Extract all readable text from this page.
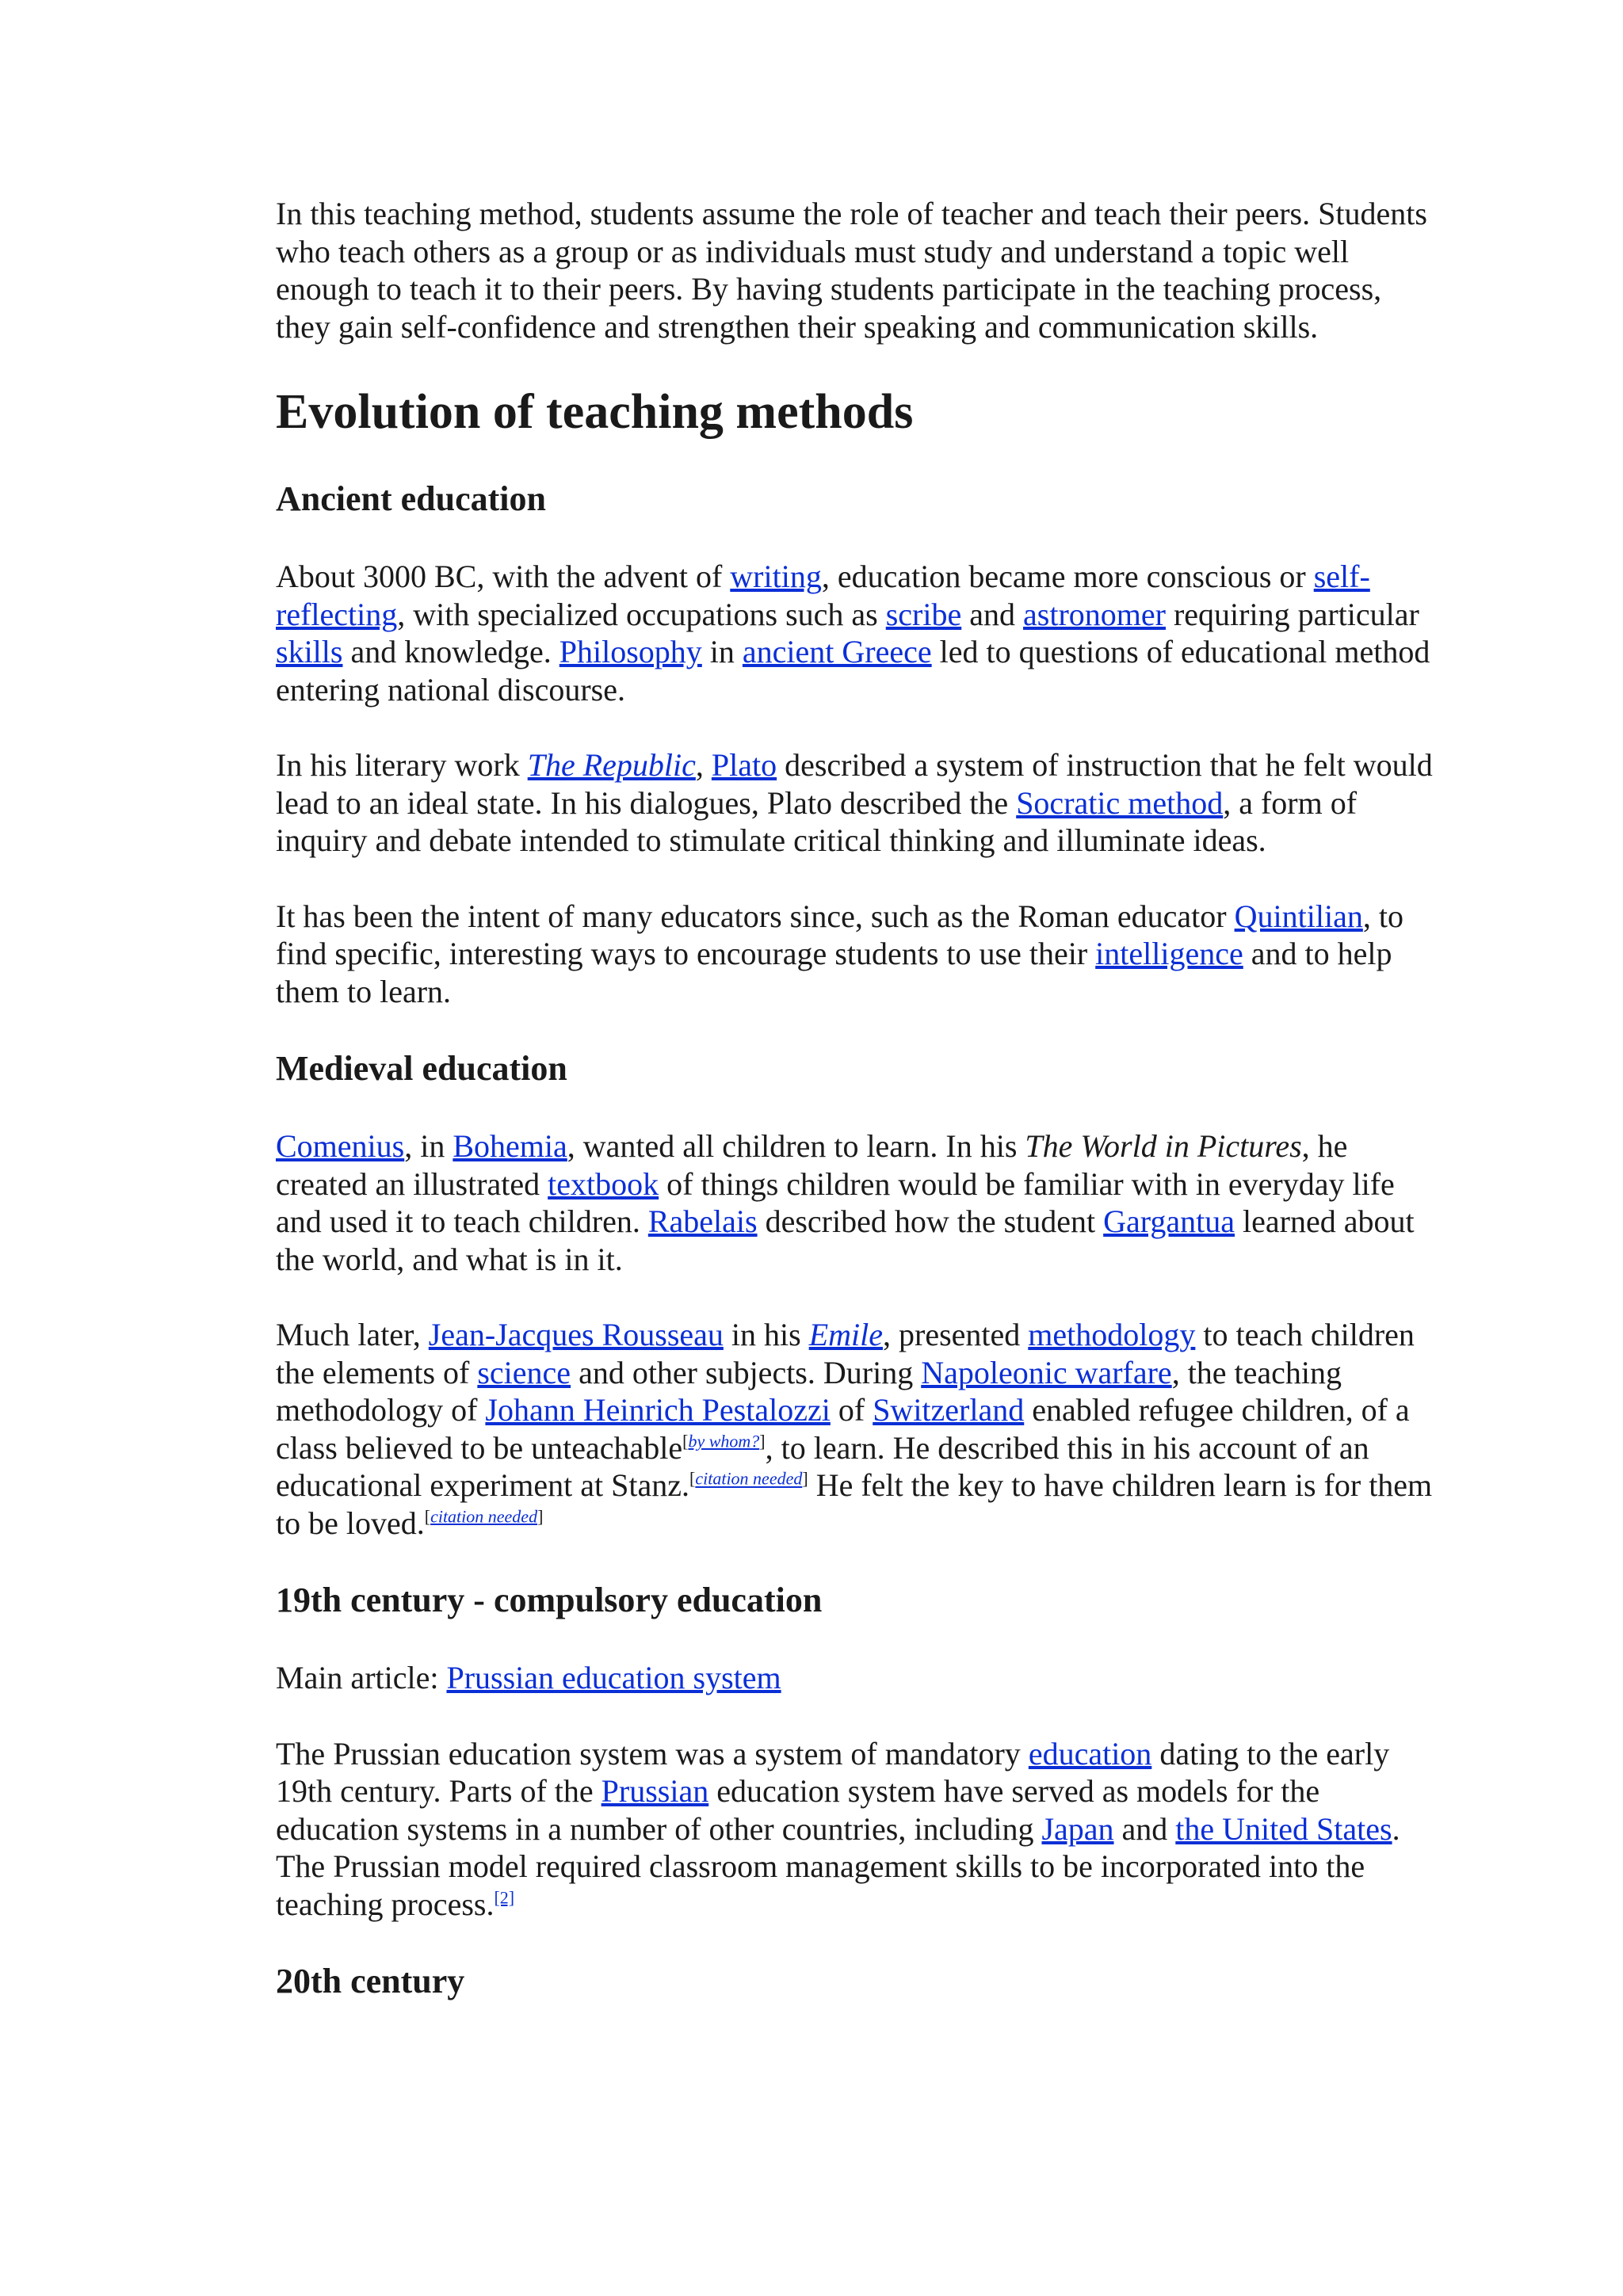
In this teaching method, students assume the role of teacher and teach their peers. Students who teach others as a group or as individuals must study and understand a topic well enough to teach it to their peers. By having students participate in the teaching process, they gain self-confidence and strengthen their speaking and communication skills.

Evolution of teaching methods
Ancient education

About 3000 BC, with the advent of writing, education became more conscious or self-reflecting, with specialized occupations such as scribe and astronomer requiring particular skills and knowledge. Philosophy in ancient Greece led to questions of educational method entering national discourse.

In his literary work The Republic, Plato described a system of instruction that he felt would lead to an ideal state. In his dialogues, Plato described the Socratic method, a form of inquiry and debate intended to stimulate critical thinking and illuminate ideas.

It has been the intent of many educators since, such as the Roman educator Quintilian, to find specific, interesting ways to encourage students to use their intelligence and to help them to learn.

Medieval education

Comenius, in Bohemia, wanted all children to learn. In his The World in Pictures, he created an illustrated textbook of things children would be familiar with in everyday life and used it to teach children. Rabelais described how the student Gargantua learned about the world, and what is in it.

Much later, Jean-Jacques Rousseau in his Emile, presented methodology to teach children the elements of science and other subjects. During Napoleonic warfare, the teaching methodology of Johann Heinrich Pestalozzi of Switzerland enabled refugee children, of a class believed to be unteachable[by whom?], to learn. He described this in his account of an educational experiment at Stanz.[citation needed] He felt the key to have children learn is for them to be loved.[citation needed]

19th century - compulsory education

Main article: Prussian education system

The Prussian education system was a system of mandatory education dating to the early 19th century. Parts of the Prussian education system have served as models for the education systems in a number of other countries, including Japan and the United States. The Prussian model required classroom management skills to be incorporated into the teaching process.[2]

20th century
